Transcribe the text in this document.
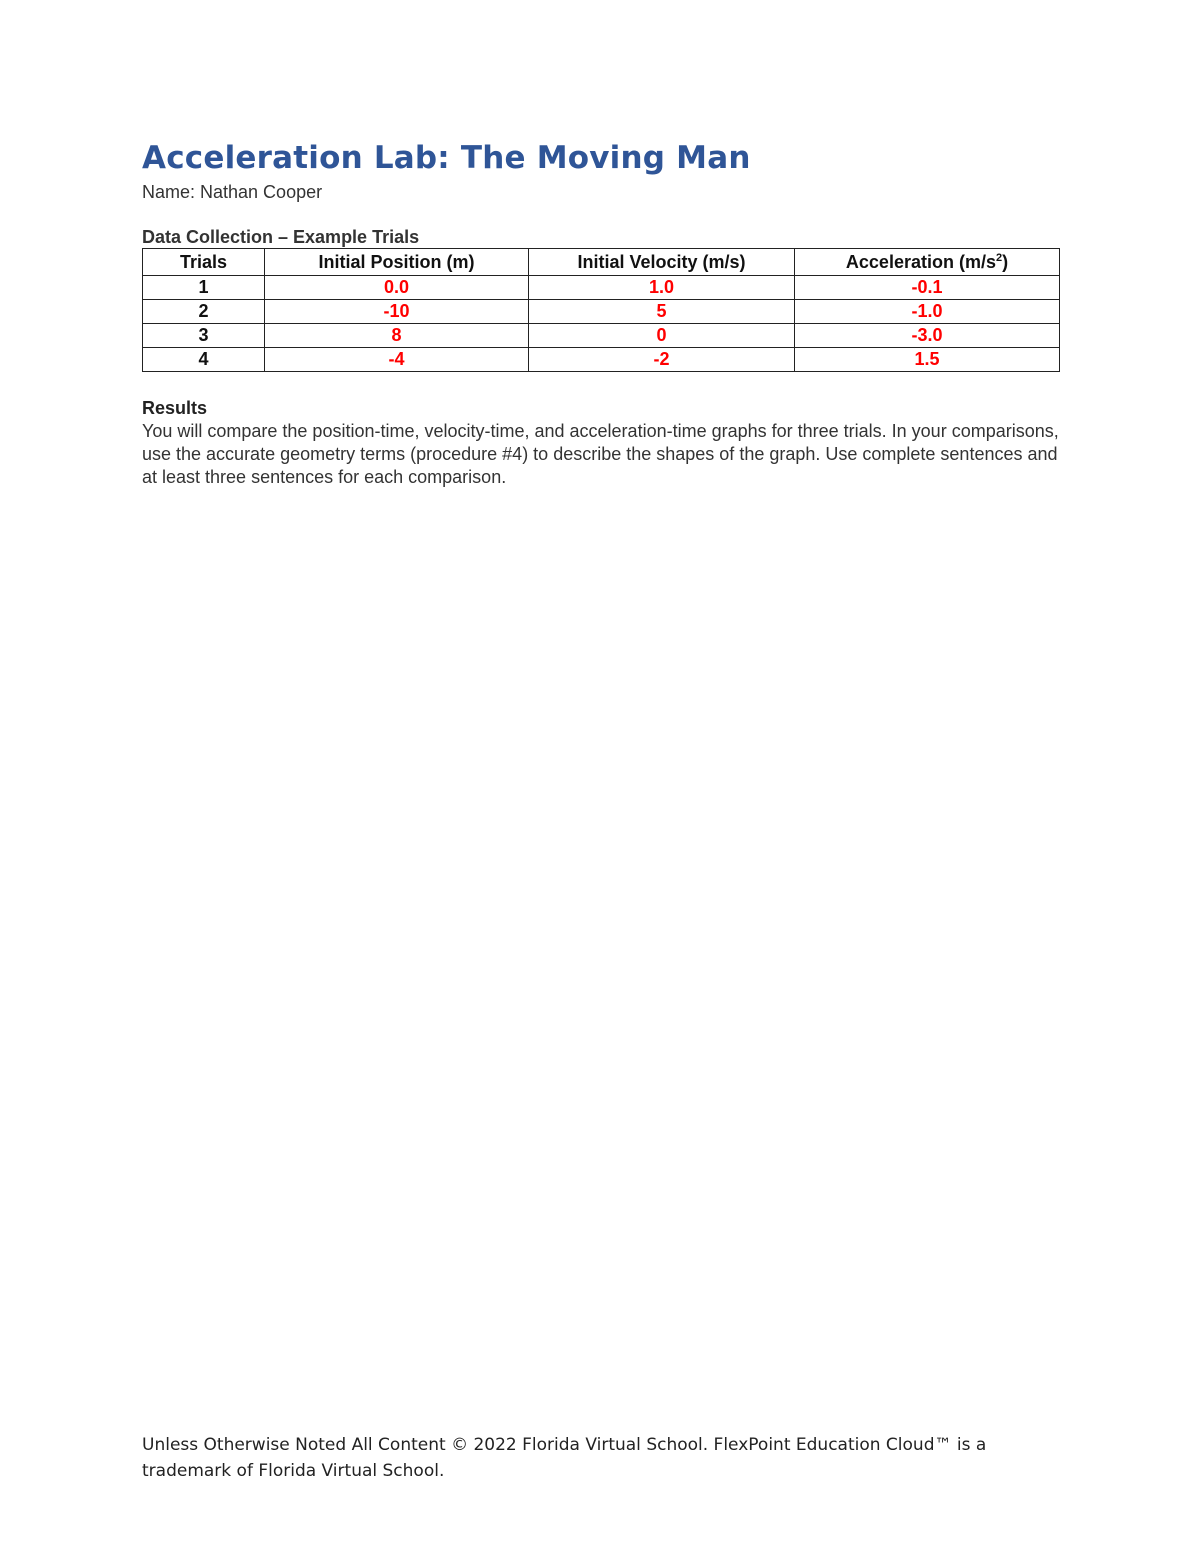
Acceleration Lab: The Moving Man
Name: Nathan Cooper
Data Collection – Example Trials
Trials	Initial Position (m)	Initial Velocity (m/s)	Acceleration $(m/s^2)$
1	0.0	1.0	-0.1
2	-10	5	-1.0
3	8	0	-3.0
4	-4	-2	1.5
Results
You will compare the position-time, velocity-time, and acceleration-time graphs for three trials. In your comparisons, use the accurate geometry terms (procedure #4) to describe the shapes of the graph. Use complete sentences and at least three sentences for each comparison.
Unless Otherwise Noted All Content © 2022 Florida Virtual School. FlexPoint Education Cloud™ is a trademark of Florida Virtual School.
